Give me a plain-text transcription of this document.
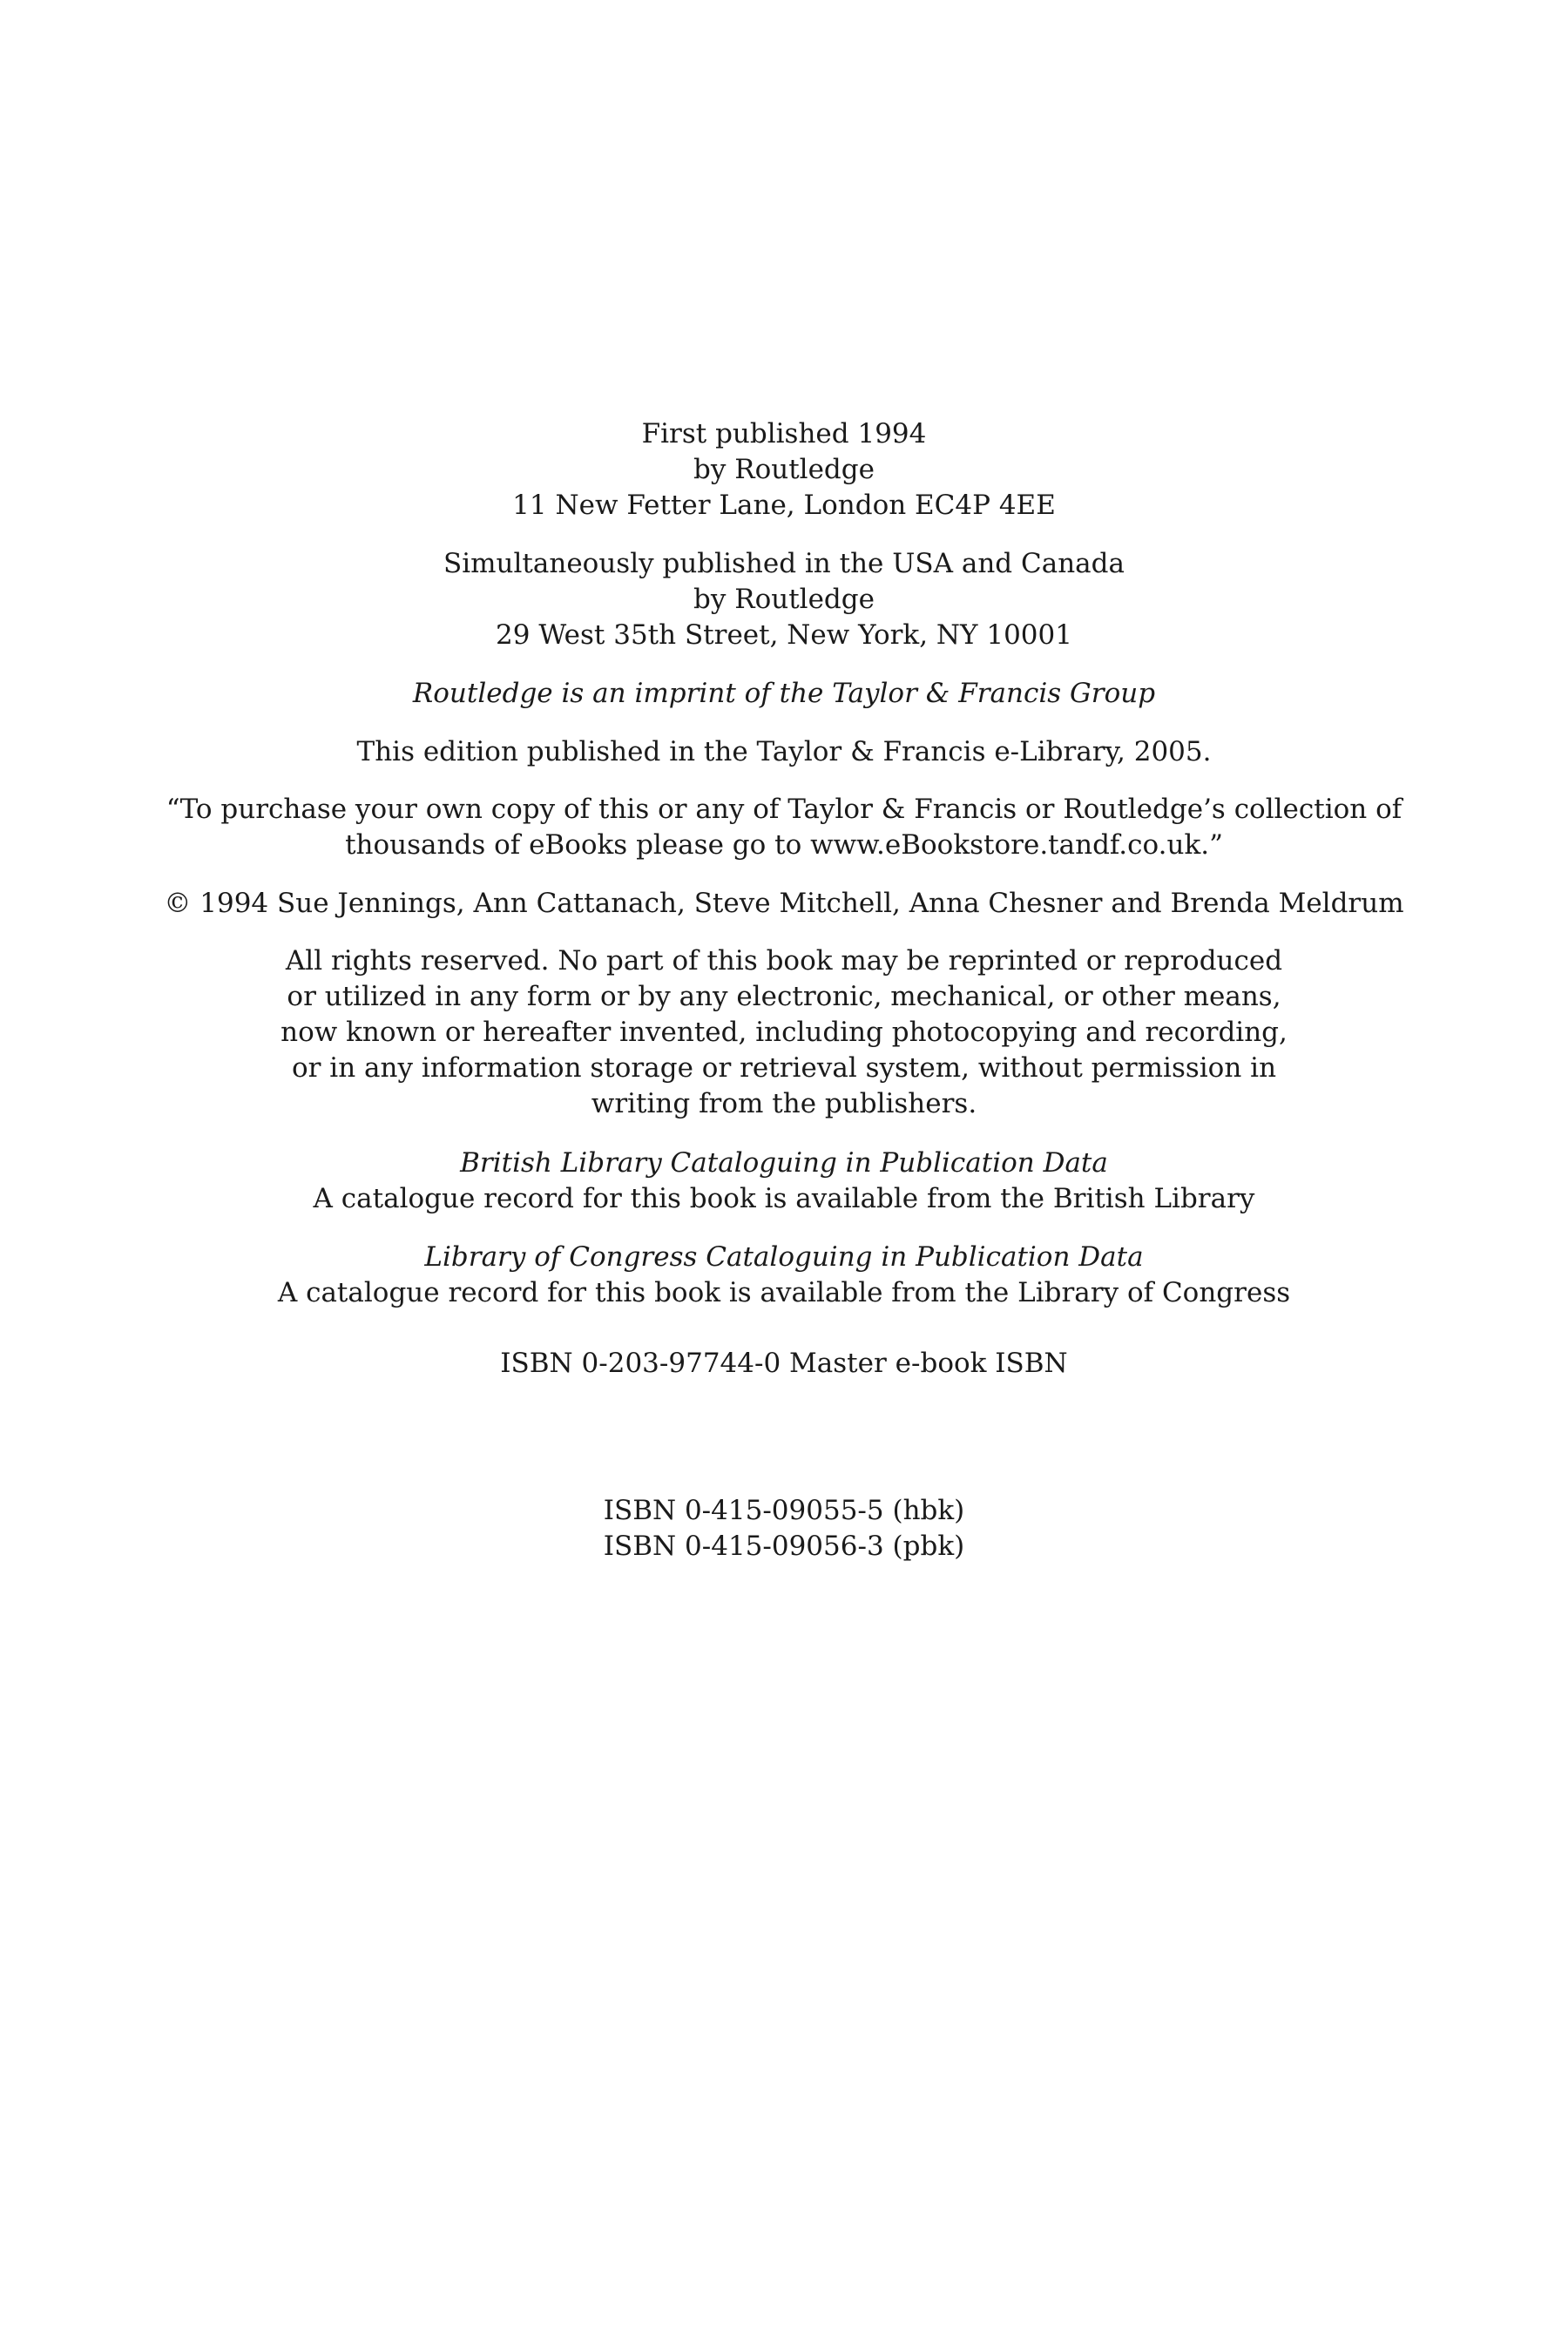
First published 1994
by Routledge
11 New Fetter Lane, London EC4P 4EE
Simultaneously published in the USA and Canada
by Routledge
29 West 35th Street, New York, NY 10001
Routledge is an imprint of the Taylor & Francis Group
This edition published in the Taylor & Francis e-Library, 2005.
“To purchase your own copy of this or any of Taylor & Francis or Routledge’s collection of
thousands of eBooks please go to www.eBookstore.tandf.co.uk.”
© 1994 Sue Jennings, Ann Cattanach, Steve Mitchell, Anna Chesner and Brenda Meldrum
All rights reserved. No part of this book may be reprinted or reproduced
or utilized in any form or by any electronic, mechanical, or other means,
now known or hereafter invented, including photocopying and recording,
or in any information storage or retrieval system, without permission in
writing from the publishers.
British Library Cataloguing in Publication Data
A catalogue record for this book is available from the British Library
Library of Congress Cataloguing in Publication Data
A catalogue record for this book is available from the Library of Congress
ISBN 0-203-97744-0 Master e-book ISBN
ISBN 0-415-09055-5 (hbk)
ISBN 0-415-09056-3 (pbk)
